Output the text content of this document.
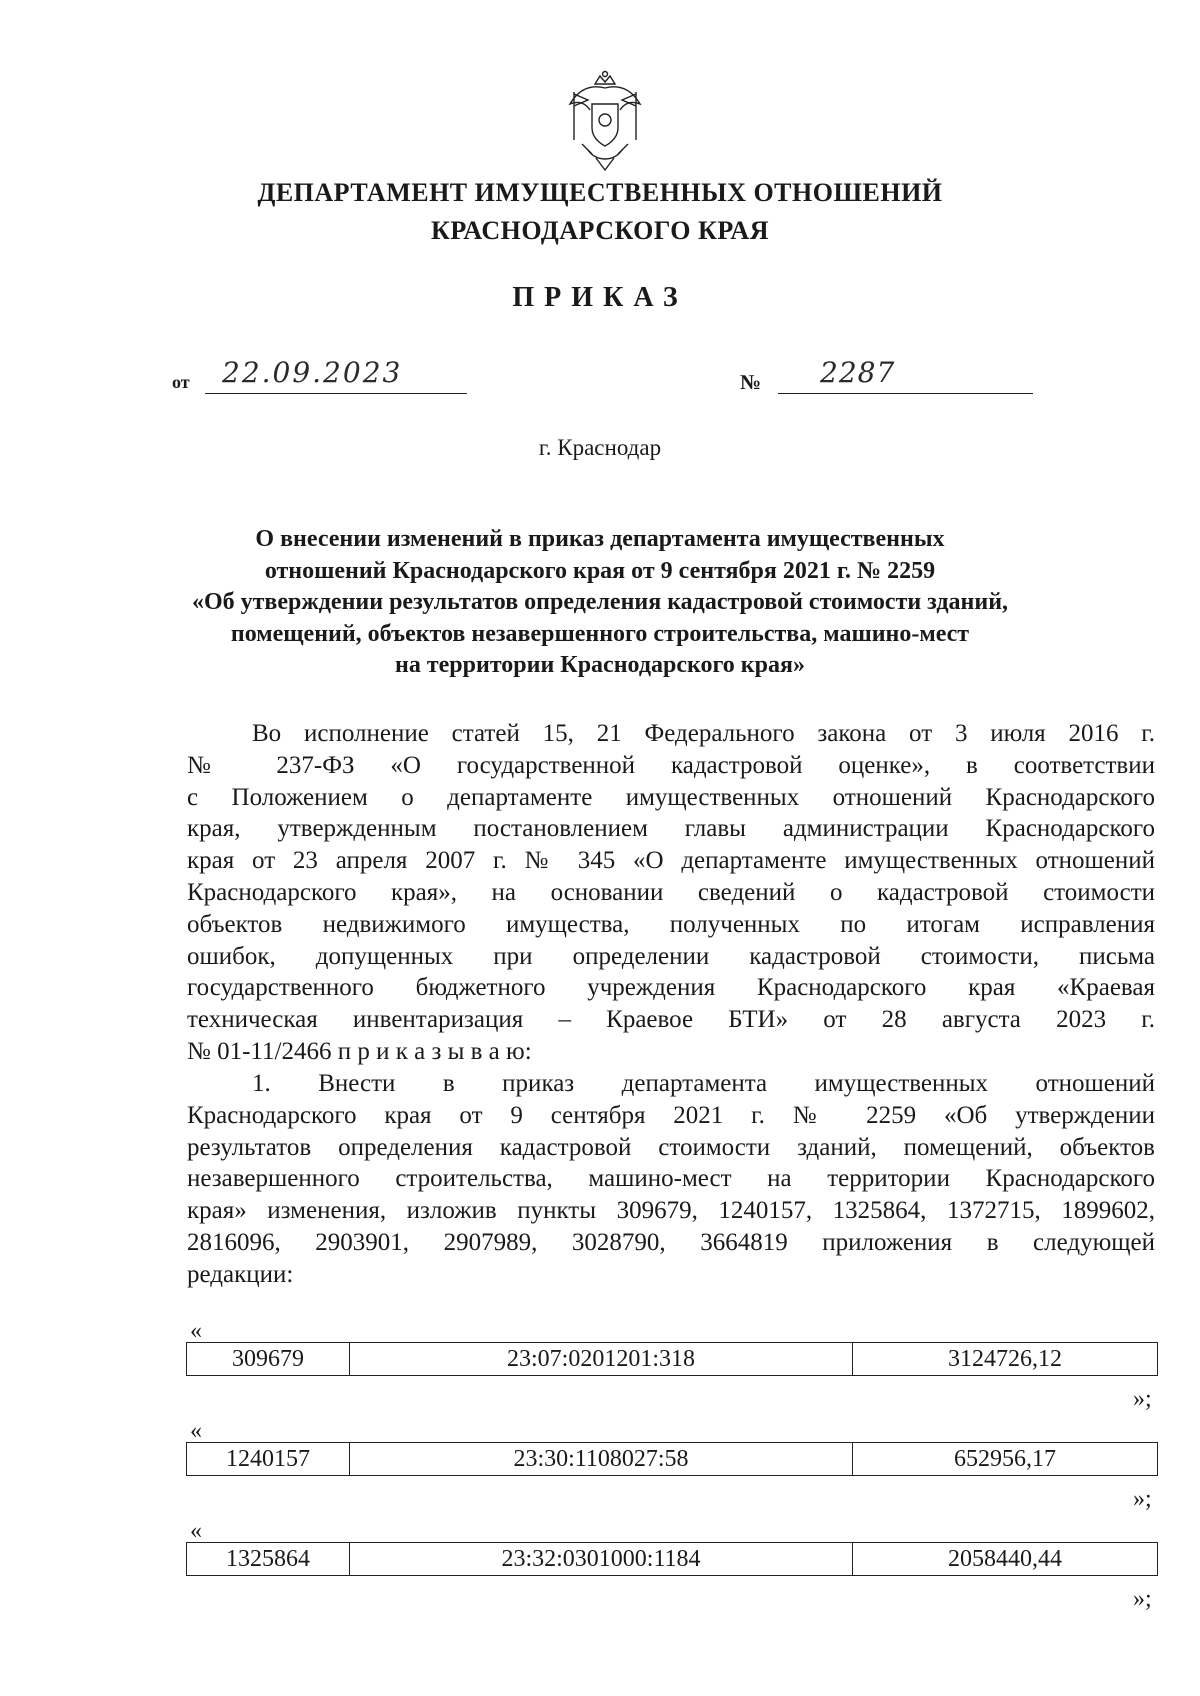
ДЕПАРТАМЕНТ ИМУЩЕСТВЕННЫХ ОТНОШЕНИЙ
КРАСНОДАРСКОГО КРАЯ
ПРИКАЗ
от 22.09.2023	№ 2287
г. Краснодар
О внесении изменений в приказ департамента имущественных
отношений Краснодарского края от 9 сентября 2021 г. № 2259
«Об утверждении результатов определения кадастровой стоимости зданий,
помещений, объектов незавершенного строительства, машино-мест
на территории Краснодарского края»
Во исполнение статей 15, 21 Федерального закона от 3 июля 2016 г.
№ 237-ФЗ «О государственной кадастровой оценке», в соответствии
с Положением о департаменте имущественных отношений Краснодарского
края, утвержденным постановлением главы администрации Краснодарского
края от 23 апреля 2007 г. № 345 «О департаменте имущественных отношений
Краснодарского края», на основании сведений о кадастровой стоимости
объектов недвижимого имущества, полученных по итогам исправления
ошибок, допущенных при определении кадастровой стоимости, письма
государственного бюджетного учреждения Краснодарского края «Краевая
техническая инвентаризация – Краевое БТИ» от 28 августа 2023 г.
№ 01-11/2466 п р и к а з ы в а ю:
1. Внести в приказ департамента имущественных отношений
Краснодарского края от 9 сентября 2021 г. № 2259 «Об утверждении
результатов определения кадастровой стоимости зданий, помещений, объектов
незавершенного строительства, машино-мест на территории Краснодарского
края» изменения, изложив пункты 309679, 1240157, 1325864, 1372715, 1899602,
2816096, 2903901, 2907989, 3028790, 3664819 приложения в следующей
редакции:
«
309679	23:07:0201201:318	3124726,12
»;
«
1240157	23:30:1108027:58	652956,17
»;
«
1325864	23:32:0301000:1184	2058440,44
»;
